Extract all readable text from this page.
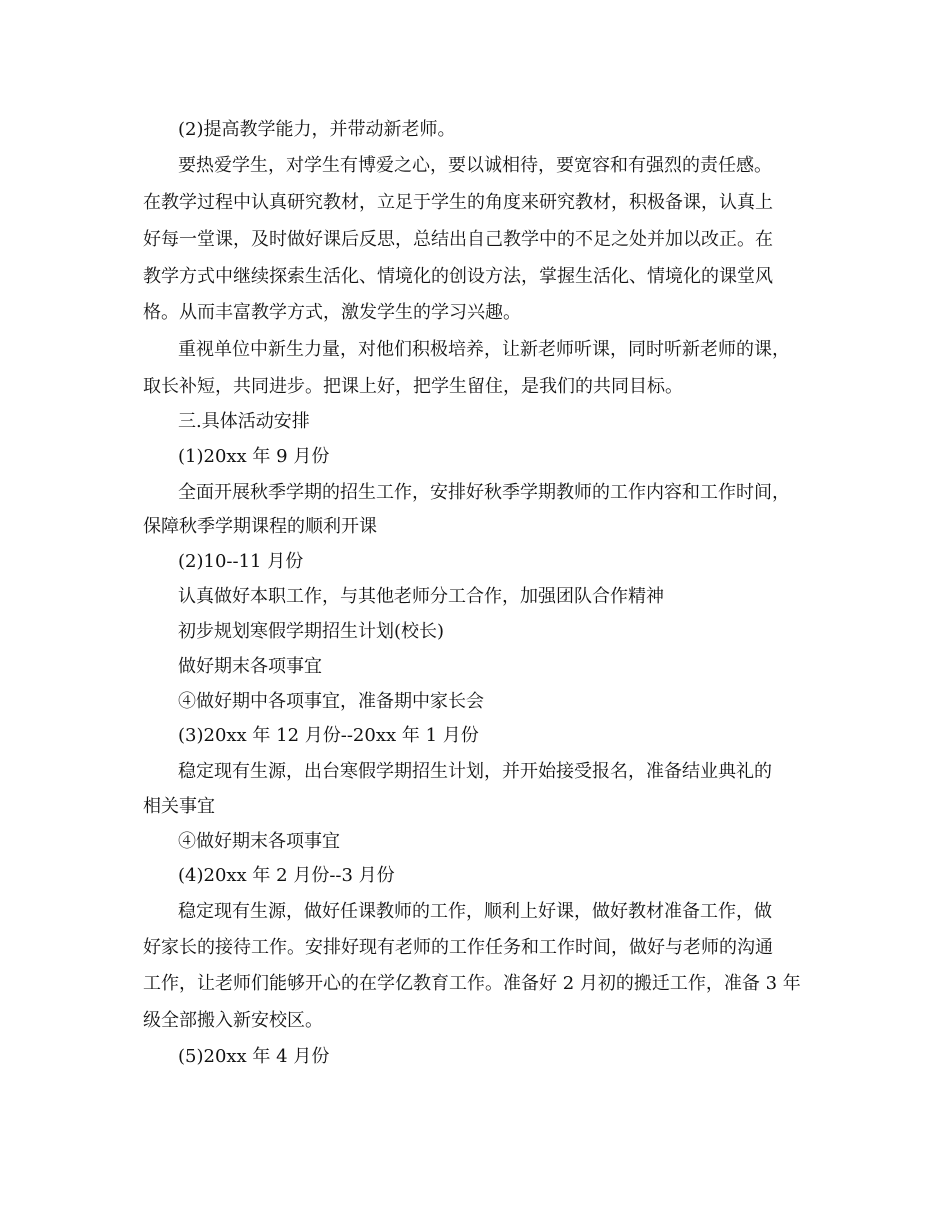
(2)提高教学能力，并带动新老师。
要热爱学生，对学生有博爱之心，要以诚相待，要宽容和有强烈的责任感。
在教学过程中认真研究教材，立足于学生的角度来研究教材，积极备课，认真上
好每一堂课，及时做好课后反思，总结出自己教学中的不足之处并加以改正。在
教学方式中继续探索生活化、情境化的创设方法，掌握生活化、情境化的课堂风
格。从而丰富教学方式，激发学生的学习兴趣。
重视单位中新生力量，对他们积极培养，让新老师听课，同时听新老师的课，
取长补短，共同进步。把课上好，把学生留住，是我们的共同目标。
三.具体活动安排
(1)20xx 年 9 月份
全面开展秋季学期的招生工作，安排好秋季学期教师的工作内容和工作时间，
保障秋季学期课程的顺利开课
(2)10--11 月份
认真做好本职工作，与其他老师分工合作，加强团队合作精神
初步规划寒假学期招生计划(校长)
做好期末各项事宜
④做好期中各项事宜，准备期中家长会
(3)20xx 年 12 月份--20xx 年 1 月份
稳定现有生源，出台寒假学期招生计划，并开始接受报名，准备结业典礼的
相关事宜
④做好期末各项事宜
(4)20xx 年 2 月份--3 月份
稳定现有生源，做好任课教师的工作，顺利上好课，做好教材准备工作，做
好家长的接待工作。安排好现有老师的工作任务和工作时间，做好与老师的沟通
工作，让老师们能够开心的在学亿教育工作。准备好 2 月初的搬迁工作，准备 3 年
级全部搬入新安校区。
(5)20xx 年 4 月份
